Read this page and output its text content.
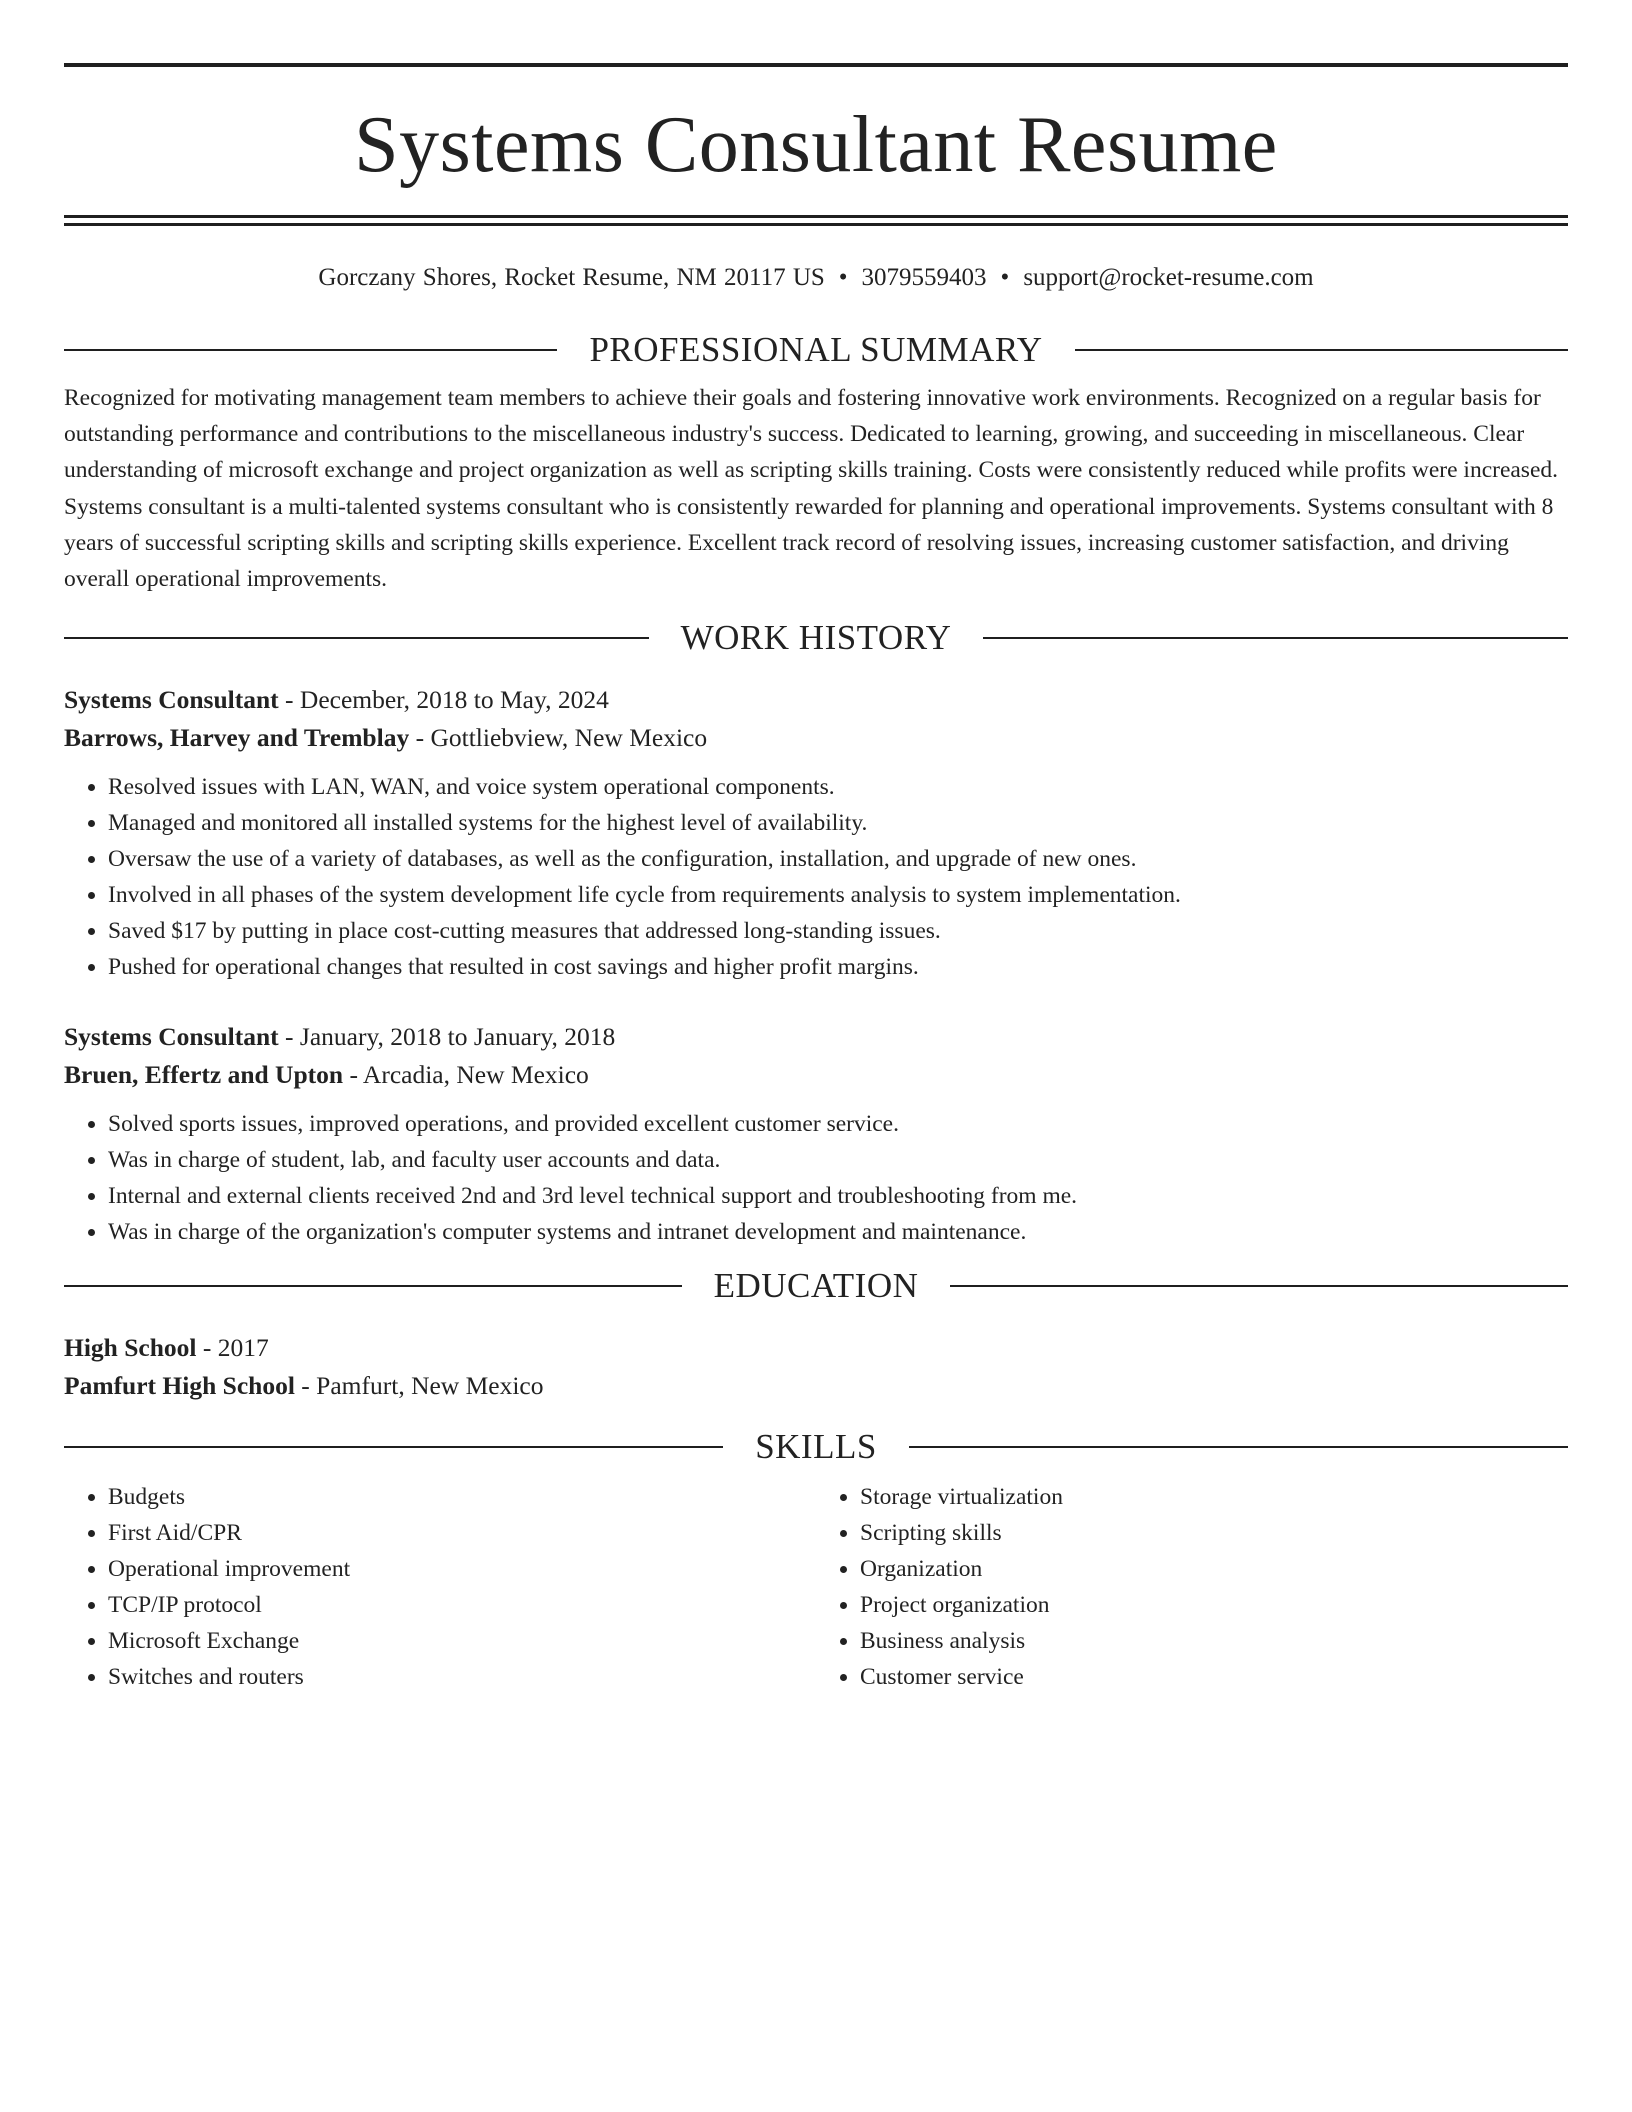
Systems Consultant Resume
Gorczany Shores, Rocket Resume, NM 20117 US • 3079559403 • support@rocket-resume.com
PROFESSIONAL SUMMARY
Recognized for motivating management team members to achieve their goals and fostering innovative work environments. Recognized on a regular basis for outstanding performance and contributions to the miscellaneous industry's success. Dedicated to learning, growing, and succeeding in miscellaneous. Clear understanding of microsoft exchange and project organization as well as scripting skills training. Costs were consistently reduced while profits were increased. Systems consultant is a multi-talented systems consultant who is consistently rewarded for planning and operational improvements. Systems consultant with 8 years of successful scripting skills and scripting skills experience. Excellent track record of resolving issues, increasing customer satisfaction, and driving overall operational improvements.
WORK HISTORY
Systems Consultant - December, 2018 to May, 2024
Barrows, Harvey and Tremblay - Gottliebview, New Mexico
• Resolved issues with LAN, WAN, and voice system operational components.
• Managed and monitored all installed systems for the highest level of availability.
• Oversaw the use of a variety of databases, as well as the configuration, installation, and upgrade of new ones.
• Involved in all phases of the system development life cycle from requirements analysis to system implementation.
• Saved $17 by putting in place cost-cutting measures that addressed long-standing issues.
• Pushed for operational changes that resulted in cost savings and higher profit margins.
Systems Consultant - January, 2018 to January, 2018
Bruen, Effertz and Upton - Arcadia, New Mexico
• Solved sports issues, improved operations, and provided excellent customer service.
• Was in charge of student, lab, and faculty user accounts and data.
• Internal and external clients received 2nd and 3rd level technical support and troubleshooting from me.
• Was in charge of the organization's computer systems and intranet development and maintenance.
EDUCATION
High School - 2017
Pamfurt High School - Pamfurt, New Mexico
SKILLS
• Budgets
• First Aid/CPR
• Operational improvement
• TCP/IP protocol
• Microsoft Exchange
• Switches and routers
• Storage virtualization
• Scripting skills
• Organization
• Project organization
• Business analysis
• Customer service
